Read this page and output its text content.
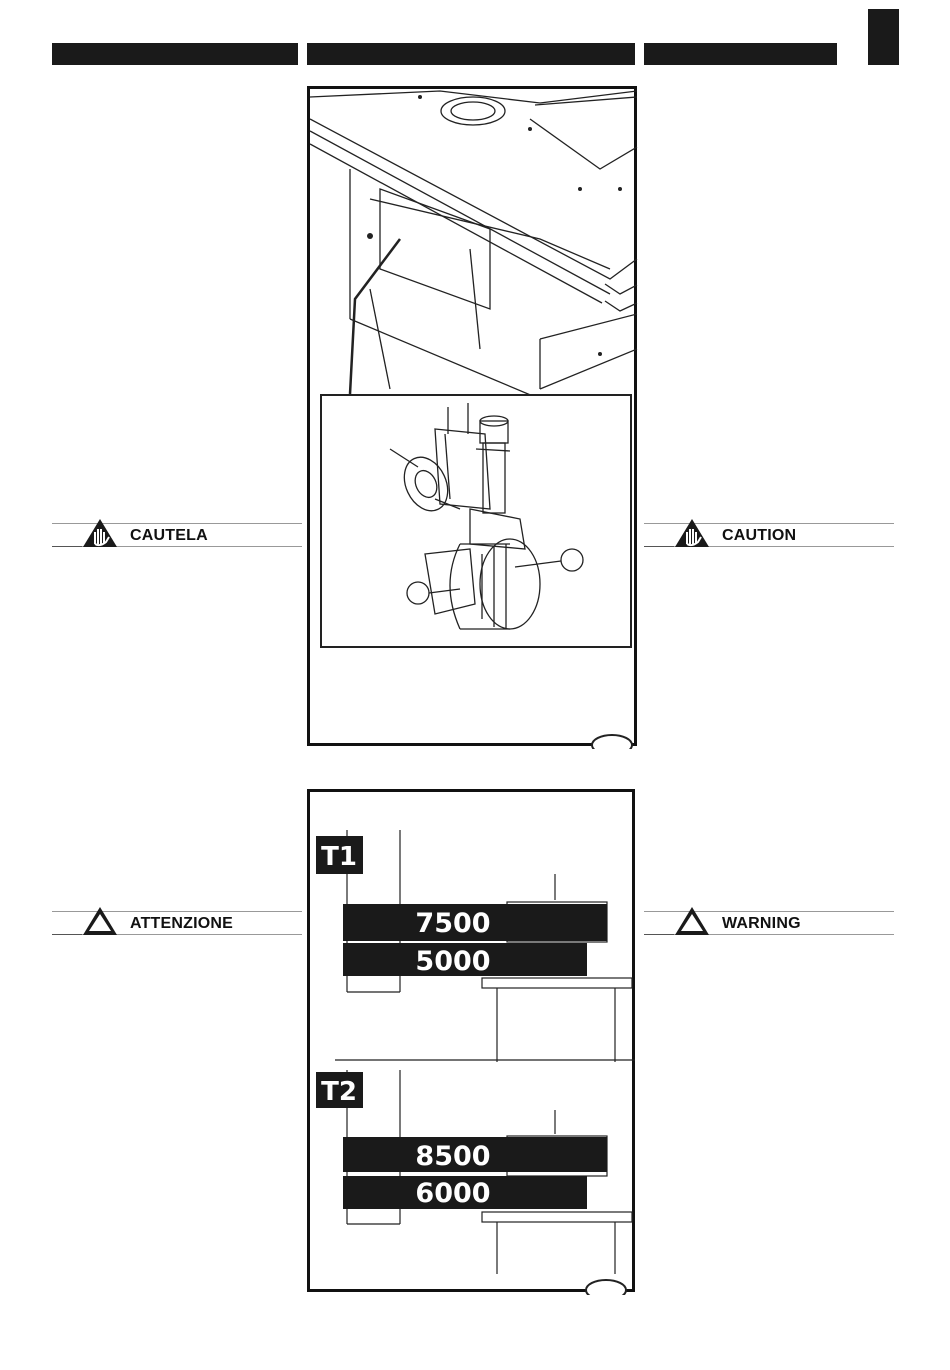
T1
7500
5000
T2
8500
6000
CAUTELA	CAUTION
ATTENZIONE	WARNING
